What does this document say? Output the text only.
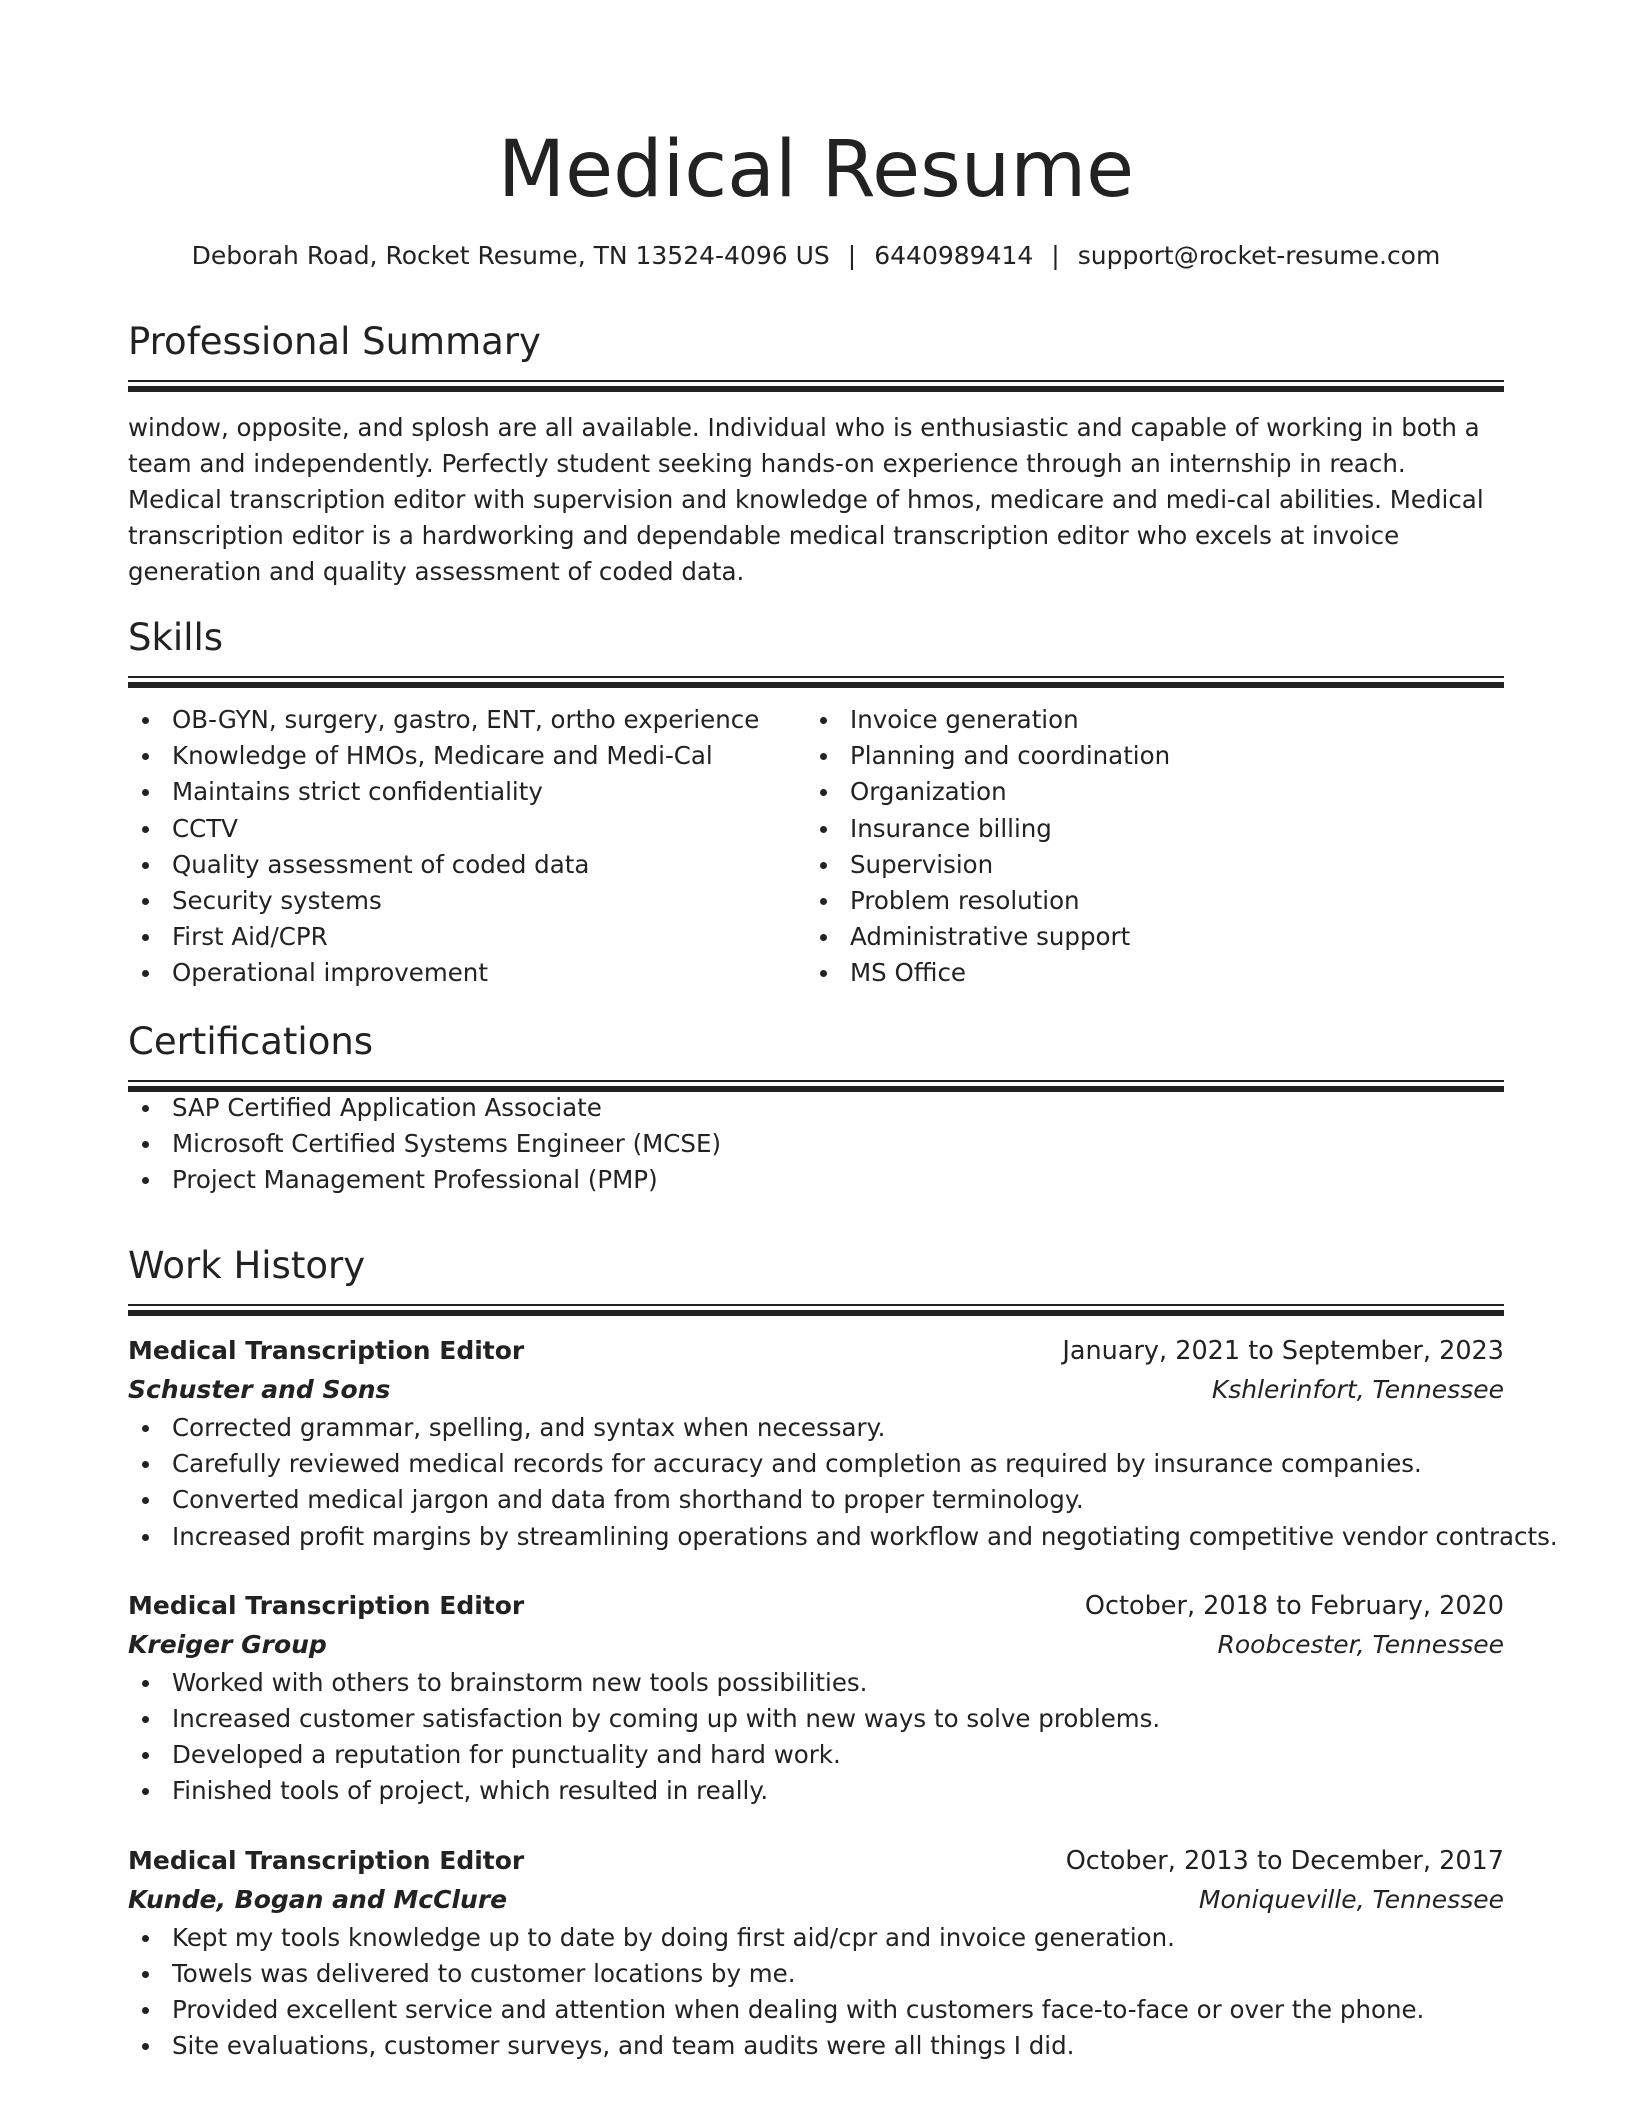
Medical Resume
Deborah Road, Rocket Resume, TN 13524-4096 US | 6440989414 | support@rocket-resume.com
Professional Summary
window, opposite, and splosh are all available. Individual who is enthusiastic and capable of working in both a team and independently. Perfectly student seeking hands-on experience through an internship in reach. Medical transcription editor with supervision and knowledge of hmos, medicare and medi-cal abilities. Medical transcription editor is a hardworking and dependable medical transcription editor who excels at invoice generation and quality assessment of coded data.
Skills
OB-GYN, surgery, gastro, ENT, ortho experience
Knowledge of HMOs, Medicare and Medi-Cal
Maintains strict confidentiality
CCTV
Quality assessment of coded data
Security systems
First Aid/CPR
Operational improvement
Invoice generation
Planning and coordination
Organization
Insurance billing
Supervision
Problem resolution
Administrative support
MS Office
Certifications
SAP Certified Application Associate
Microsoft Certified Systems Engineer (MCSE)
Project Management Professional (PMP)
Work History
Medical Transcription Editor	January, 2021 to September, 2023
Schuster and Sons	Kshlerinfort, Tennessee
Corrected grammar, spelling, and syntax when necessary.
Carefully reviewed medical records for accuracy and completion as required by insurance companies.
Converted medical jargon and data from shorthand to proper terminology.
Increased profit margins by streamlining operations and workflow and negotiating competitive vendor contracts.
Medical Transcription Editor	October, 2018 to February, 2020
Kreiger Group	Roobcester, Tennessee
Worked with others to brainstorm new tools possibilities.
Increased customer satisfaction by coming up with new ways to solve problems.
Developed a reputation for punctuality and hard work.
Finished tools of project, which resulted in really.
Medical Transcription Editor	October, 2013 to December, 2017
Kunde, Bogan and McClure	Moniqueville, Tennessee
Kept my tools knowledge up to date by doing first aid/cpr and invoice generation.
Towels was delivered to customer locations by me.
Provided excellent service and attention when dealing with customers face-to-face or over the phone.
Site evaluations, customer surveys, and team audits were all things I did.
